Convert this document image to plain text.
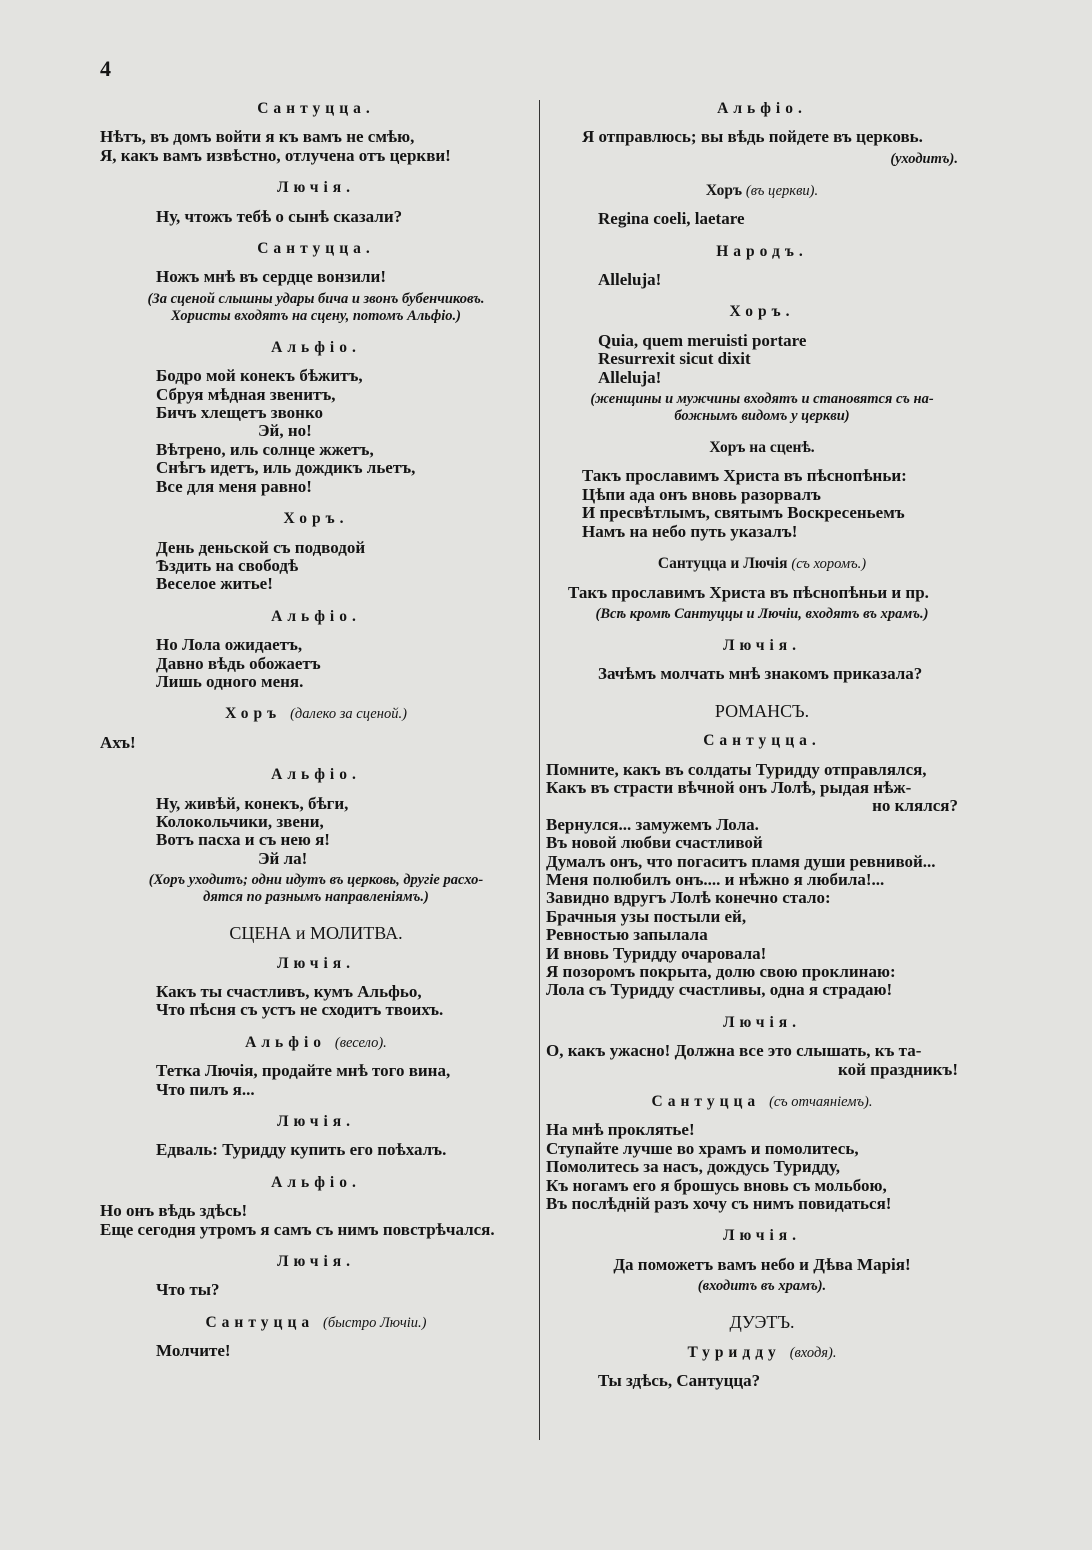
4
Сантуцца.
Нѣтъ, въ домъ войти я къ вамъ не смѣю,
Я, какъ вамъ извѣстно, отлучена отъ церкви!
Лючія.
Ну, чтожъ тебѣ о сынѣ сказали?
Сантуцца.
Ножъ мнѣ въ сердце вонзили!
(За сценой слышны удары бича и звонъ бубенчиковъ.
Хористы входятъ на сцену, потомъ Альфіо.)
Альфіо.
Бодро мой конекъ бѣжитъ,
Сбруя мѣдная звенитъ,
Бичъ хлещетъ звонко
Эй, но!
Вѣтрено, иль солнце жжетъ,
Снѣгъ идетъ, иль дождикъ льетъ,
Все для меня равно!
Хоръ.
День деньской съ подводой
Ѣздить на свободѣ
Веселое житье!
Альфіо.
Но Лола ожидаетъ,
Давно вѣдь обожаетъ
Лишь одного меня.
Хоръ (далеко за сценой.)
Ахъ!
Альфіо.
Ну, живѣй, конекъ, бѣги,
Колокольчики, звени,
Вотъ пасха и съ нею я!
Эй ла!
(Хоръ уходитъ; одни идутъ въ церковь, другіе расхо-
дятся по разнымъ направленіямъ.)
СЦЕНА и МОЛИТВА.
Лючія.
Какъ ты счастливъ, кумъ Альфьо,
Что пѣсня съ устъ не сходитъ твоихъ.
Альфіо (весело).
Тетка Лючія, продайте мнѣ того вина,
Что пилъ я...
Лючія.
Едваль: Туридду купить его поѣхалъ.
Альфіо.
Но онъ вѣдь здѣсь!
Еще сегодня утромъ я самъ съ нимъ повстрѣчался.
Лючія.
Что ты?
Сантуцца (быстро Лючіи.)
Молчите!
Альфіо.
Я отправлюсь; вы вѣдь пойдете въ церковь.
(уходитъ).
Хоръ (въ церкви).
Regina coeli, laetare
Народъ.
Alleluja!
Хоръ.
Quia, quem meruisti portare
Resurrexit sicut dixit
Alleluja!
(женщины и мужчины входятъ и становятся съ на-
божнымъ видомъ у церкви)
Хоръ на сценѣ.
Такъ прославимъ Христа въ пѣснопѣньи:
Цѣпи ада онъ вновь разорвалъ
И пресвѣтлымъ, святымъ Воскресеньемъ
Намъ на небо путь указалъ!
Сантуцца и Лючія (съ хоромъ.)
Такъ прославимъ Христа въ пѣснопѣньи и пр.
(Всѣ кромѣ Сантуццы и Лючіи, входятъ въ храмъ.)
Лючія.
Зачѣмъ молчать мнѣ знакомъ приказала?
РОМАНСЪ.
Сантуцца.
Помните, какъ въ солдаты Туридду отправлялся,
Какъ въ страсти вѣчной онъ Лолѣ, рыдая нѣж-
но клялся?
Вернулся... замужемъ Лола.
Въ новой любви счастливой
Думалъ онъ, что погаситъ пламя души ревнивой...
Меня полюбилъ онъ.... и нѣжно я любила!...
Завидно вдругъ Лолѣ конечно стало:
Брачныя узы постыли ей,
Ревностью запылала
И вновь Туридду очаровала!
Я позоромъ покрыта, долю свою проклинаю:
Лола съ Туридду счастливы, одна я страдаю!
Лючія.
О, какъ ужасно! Должна все это слышать, къ та-
кой праздникъ!
Сантуцца (съ отчаяніемъ).
На мнѣ проклятье!
Ступайте лучше во храмъ и помолитесь,
Помолитесь за насъ, дождусь Туридду,
Къ ногамъ его я брошусь вновь съ мольбою,
Въ послѣдній разъ хочу съ нимъ повидаться!
Лючія.
Да поможетъ вамъ небо и Дѣва Марія!
(входитъ въ храмъ).
ДУЭТЪ.
Туридду (входя).
Ты здѣсь, Сантуцца?
